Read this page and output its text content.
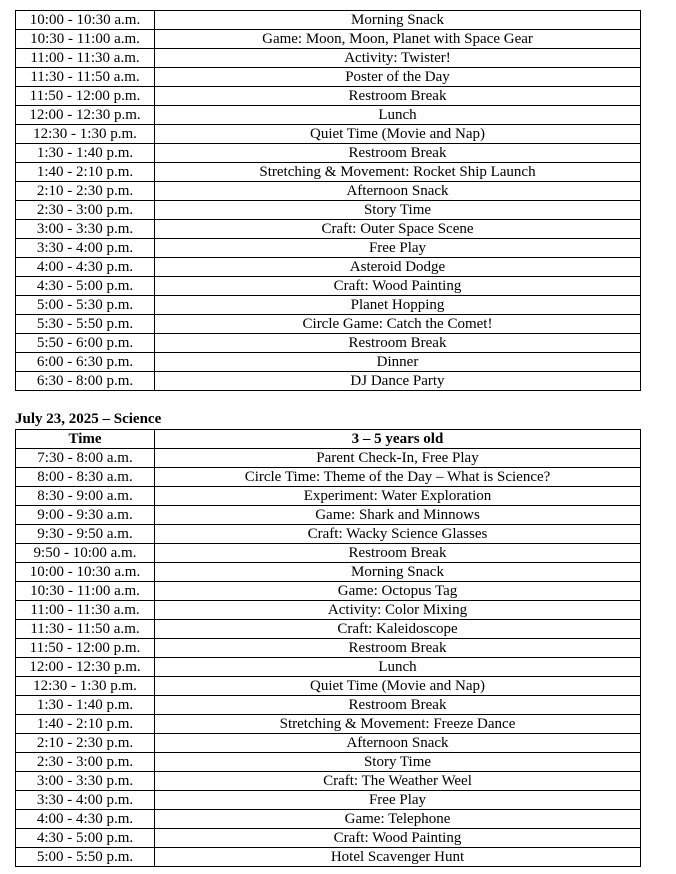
10:00 - 10:30 a.m.	Morning Snack
10:30 - 11:00 a.m.	Game: Moon, Moon, Planet with Space Gear
11:00 - 11:30 a.m.	Activity: Twister!
11:30 - 11:50 a.m.	Poster of the Day
11:50 - 12:00 p.m.	Restroom Break
12:00 - 12:30 p.m.	Lunch
12:30 - 1:30 p.m.	Quiet Time (Movie and Nap)
1:30 - 1:40 p.m.	Restroom Break
1:40 - 2:10 p.m.	Stretching & Movement: Rocket Ship Launch
2:10 - 2:30 p.m.	Afternoon Snack
2:30 - 3:00 p.m.	Story Time
3:00 - 3:30 p.m.	Craft: Outer Space Scene
3:30 - 4:00 p.m.	Free Play
4:00 - 4:30 p.m.	Asteroid Dodge
4:30 - 5:00 p.m.	Craft: Wood Painting
5:00 - 5:30 p.m.	Planet Hopping
5:30 - 5:50 p.m.	Circle Game: Catch the Comet!
5:50 - 6:00 p.m.	Restroom Break
6:00 - 6:30 p.m.	Dinner
6:30 - 8:00 p.m.	DJ Dance Party
July 23, 2025 – Science
Time	3 – 5 years old
7:30 - 8:00 a.m.	Parent Check-In, Free Play
8:00 - 8:30 a.m.	Circle Time: Theme of the Day – What is Science?
8:30 - 9:00 a.m.	Experiment: Water Exploration
9:00 - 9:30 a.m.	Game: Shark and Minnows
9:30 - 9:50 a.m.	Craft: Wacky Science Glasses
9:50 - 10:00 a.m.	Restroom Break
10:00 - 10:30 a.m.	Morning Snack
10:30 - 11:00 a.m.	Game: Octopus Tag
11:00 - 11:30 a.m.	Activity: Color Mixing
11:30 - 11:50 a.m.	Craft: Kaleidoscope
11:50 - 12:00 p.m.	Restroom Break
12:00 - 12:30 p.m.	Lunch
12:30 - 1:30 p.m.	Quiet Time (Movie and Nap)
1:30 - 1:40 p.m.	Restroom Break
1:40 - 2:10 p.m.	Stretching & Movement: Freeze Dance
2:10 - 2:30 p.m.	Afternoon Snack
2:30 - 3:00 p.m.	Story Time
3:00 - 3:30 p.m.	Craft: The Weather Weel
3:30 - 4:00 p.m.	Free Play
4:00 - 4:30 p.m.	Game: Telephone
4:30 - 5:00 p.m.	Craft: Wood Painting
5:00 - 5:50 p.m.	Hotel Scavenger Hunt
